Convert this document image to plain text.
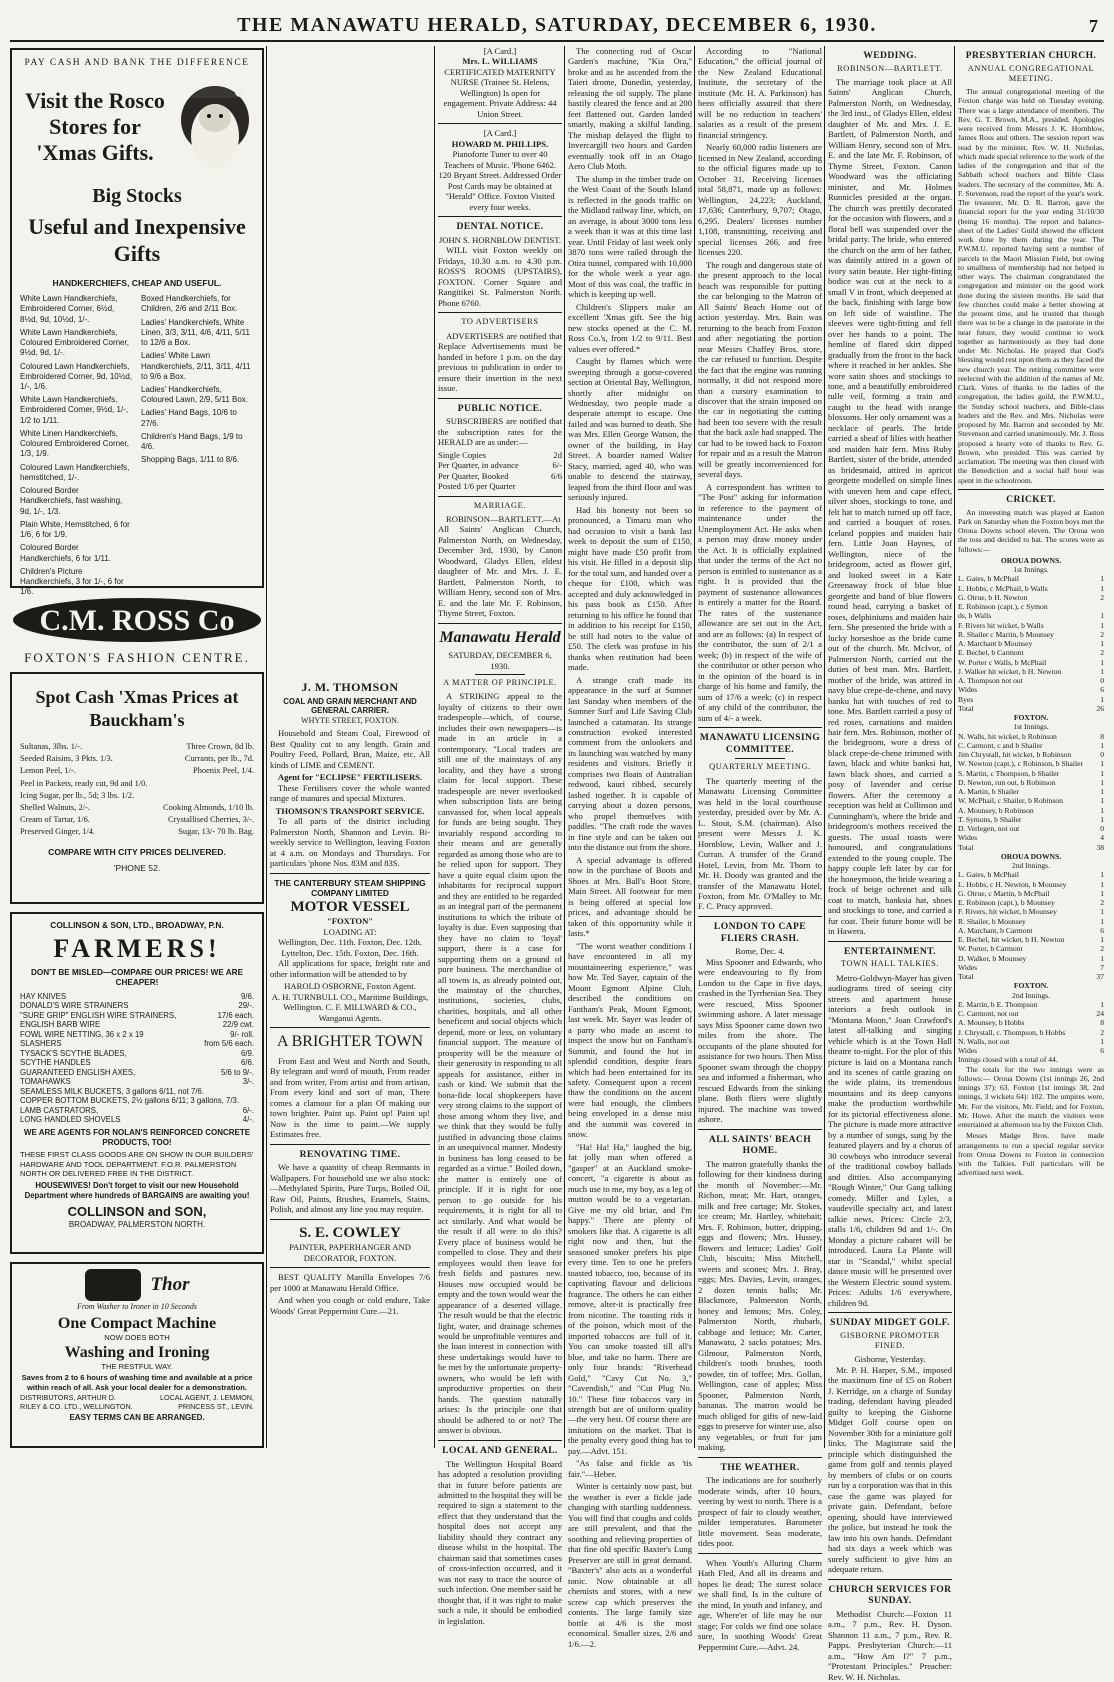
THE MANAWATU HERALD, SATURDAY, DECEMBER 6, 1930.	7
PAY CASH AND BANK THE DIFFERENCE
Visit the Rosco Stores for 'Xmas Gifts.
Big Stocks
Useful and Inexpensive Gifts
HANDKERCHIEFS, CHEAP AND USEFUL.
White Lawn Handkerchiefs, Embroidered Corner, 6½d, 8½d, 9d, 10½d, 1/-.
White Lawn Handkerchiefs, Coloured Embroidered Corner, 9½d, 9d, 1/-.
Coloured Lawn Handkerchiefs, Embroidered Corner, 9d, 10½d, 1/-, 1/6.
White Lawn Handkerchiefs, Embroidered Corner, 9½d, 1/-, 1/2 to 1/11.
White Linen Handkerchiefs, Coloured Embroidered Corner, 1/3, 1/9.
Coloured Lawn Handkerchiefs, hemstitched, 1/-.
Coloured Border Handkerchiefs, fast washing, 9d, 1/-, 1/3.
Plain White, Hemstitched, 6 for 1/6, 6 for 1/9.
Coloured Border Handkerchiefs, 6 for 1/11.
Children's Picture Handkerchiefs, 3 for 1/-, 6 for 1/6.
Boxed Handkerchiefs, for Children, 2/6 and 2/11 Box.
Ladies' Handkerchiefs, White Linen, 3/3, 3/11, 4/6, 4/11, 5/11 to 12/6 a Box.
Ladies' White Lawn Handkerchiefs, 2/11, 3/11, 4/11 to 9/6 a Box.
Ladies' Handkerchiefs, Coloured Lawn, 2/9, 5/11 Box.
Ladies' Hand Bags, 10/6 to 27/6.
Children's Hand Bags, 1/9 to 4/6.
Shopping Bags, 1/11 to 8/6.
C.M. ROSS Co
FOXTON'S FASHION CENTRE.
Spot Cash 'Xmas Prices at Bauckham's
Sultanas, 3lbs. 1/-.	Three Crown, 8d lb.
Seeded Raisins, 3 Pkts. 1/3.	Currants, per lb., 7d.
Lemon Peel, 1/-.	Phoenix Peel, 1/4.
Peel in Packets, ready cut, 9d and 1/0.
Icing Sugar, per lb., 5d; 3 lbs. 1/2.
Shelled Walnuts, 2/-.	Cooking Almonds, 1/10 lb.
Cream of Tartar, 1/6.	Crystallised Cherries, 3/-.
Preserved Ginger, 1/4.	Sugar, 13/- 70 lb. Bag.
COMPARE WITH CITY PRICES DELIVERED.
'PHONE 52.
COLLINSON & SON, LTD., BROADWAY, P.N.
FARMERS!
DON'T BE MISLED—COMPARE OUR PRICES! WE ARE CHEAPER!
HAY KNIVES	9/6.
DONALD'S WIRE STRAINERS	29/-.
"SURE GRIP" ENGLISH WIRE STRAINERS,	17/6 each.
ENGLISH BARB WIRE	22/9 cwt.
FOWL WIRE NETTING, 36 x 2 x 19	9/- roll.
SLASHERS	from 5/6 each.
TYSACK'S SCYTHE BLADES,	6/9.
SCYTHE HANDLES	6/6.
GUARANTEED ENGLISH AXES,	5/6 to 9/-.
TOMAHAWKS	3/-.
SEAMLESS MILK BUCKETS, 3 gallons 6/11, not 7/6.
COPPER BOTTOM BUCKETS, 2½ gallons 6/11; 3 gallons, 7/3.
LAMB CASTRATORS,	6/-.
LONG HANDLED SHOVELS	4/-.
WE ARE AGENTS FOR NOLAN'S REINFORCED CONCRETE PRODUCTS, TOO!
THESE FIRST CLASS GOODS ARE ON SHOW IN OUR BUILDERS' HARDWARE AND TOOL DEPARTMENT. F.O.R. PALMERSTON NORTH OR DELIVERED FREE IN THE DISTRICT.
HOUSEWIVES! Don't forget to visit our new Household Department where hundreds of BARGAINS are awaiting you!
COLLINSON and SON,
BROADWAY, PALMERSTON NORTH.
Thor
From Washer to Ironer in 10 Seconds
One Compact Machine
NOW DOES BOTH
Washing and Ironing
THE RESTFUL WAY.
Saves from 2 to 6 hours of washing time and available at a price within reach of all. Ask your local dealer for a demonstration.
DISTRIBUTORS, ARTHUR D. RILEY & CO. LTD., WELLINGTON.
LOCAL AGENT, J. LEMMON, PRINCESS ST., LEVIN.
EASY TERMS CAN BE ARRANGED.
J. M. THOMSON
COAL AND GRAIN MERCHANT AND GENERAL CARRIER.
WHYTE STREET, FOXTON.

Household and Steam Coal, Firewood of Best Quality cut to any length. Grain and Poultry Feed, Pollard, Bran, Maize, etc. All kinds of LIME and CEMENT.

Agent for "ECLIPSE" FERTILISERS.

These Fertilisers cover the whole wanted range of manures and special Mixtures.

THOMSON'S TRANSPORT SERVICE.

To all parts of the district including Palmerston North, Shannon and Levin. Bi-weekly service to Wellington, leaving Foxton at 4 a.m. on Mondays and Thursdays. For particulars 'phone Nos. 83M and 83S.

THE CANTERBURY STEAM SHIPPING COMPANY LIMITED
MOTOR VESSEL
"FOXTON"
LOADING AT:
Wellington, Dec. 11th. Foxton, Dec. 12th. Lyttelton, Dec. 15th. Foxton, Dec. 16th.

All applications for space, freight rate and other information will be attended to by

HAROLD OSBORNE, Foxton Agent.
A. H. TURNBULL CO., Maritime Buildings, Wellington. C. F. MILLWARD & CO., Wanganui Agents.
A BRIGHTER TOWN

From East and West and North and South, By telegram and word of mouth, From reader and from writer, From artist and from artisan, From every kind and sort of man, There comes a clamour for a plan Of making our town brighter. Paint up. Paint up! Paint up! Now is the time to paint.—We supply Estimates free.

RENOVATING TIME.

We have a quantity of cheap Remnants in Wallpapers. For household use we also stock:—Methylated Spirits, Pure Turps, Boiled Oil, Raw Oil, Paints, Brushes, Enamels, Stains, Polish, and almost any line you may require.

S. E. COWLEY
PAINTER, PAPERHANGER AND DECORATOR, FOXTON.

BEST QUALITY Manilla Envelopes 7/6 per 1000 at Manawatu Herald Office.

And when you cough or cold endure, Take Woods' Great Peppermint Cure.—21.

[A Card.]
Mrs. L. WILLIAMS
CERTIFICATED MATERNITY NURSE (Trainee St. Helens, Wellington) Is open for engagement. Private Address: 44 Union Street.
[A Card.]
HOWARD M. PHILLIPS.
Pianoforte Tuner to over 40 Teachers of Music. 'Phone 6462. 120 Bryant Street. Addressed Order Post Cards may be obtained at "Herald" Office. Foxton Visited every four weeks.
DENTAL NOTICE.
JOHN S. HORNBLOW DENTIST.

WILL visit Foxton weekly on Fridays, 10.30 a.m. to 4.30 p.m. ROSS'S ROOMS (UPSTAIRS), FOXTON. Corner Square and Rangitikei St. Palmerston North. Phone 6760.

TO ADVERTISERS

ADVERTISERS are notified that Replace Advertisements must be handed in before 1 p.m. on the day previous to publication in order to ensure their insertion in the next issue.

PUBLIC NOTICE.

SUBSCRIBERS are notified that the subscription rates for the HERALD are as under:—

Single Copies	2d
Per Quarter, in advance	6/-
Per Quarter, Booked	6/6
Posted 1/6 per Quarter
MARRIAGE.

ROBINSON—BARTLETT.—At All Saints' Anglican Church, Palmerston North, on Wednesday, December 3rd, 1930, by Canon Woodward, Gladys Ellen, eldest daughter of Mr. and Mrs. J. E. Bartlett, Palmerston North, to William Henry, second son of Mrs. E. and the late Mr. F. Robinson, Thyme Street, Foxton.

Manawatu Herald
SATURDAY, DECEMBER 6, 1930.
A MATTER OF PRINCIPLE.

A STRIKING appeal to the loyalty of citizens to their own tradespeople—which, of course, includes their own newspapers—is made in an article in a contemporary. "Local traders are still one of the mainstays of any locality, and they have a strong claim for local support. These tradespeople are never overlooked when subscription lists are being canvassed for, when local appeals for funds are being sought. They invariably respond according to their means and are generally regarded as among those who are to be relied upon for support. They have a quite equal claim upon the inhabitants for reciprocal support and they are entitled to be regarded as an integral part of the permanent institutions to which the tribute of loyalty is due. Even supposing that they have no claim to 'loyal' support, there is a case for supporting them on a ground of pure business. The merchandise of all towns is, as already pointed out, the mainstay of the churches, institutions, societies, clubs, charities, hospitals, and all other beneficent and social objects which depend, more or less, on voluntary financial support. The measure of prosperity will be the measure of their generosity in responding to all appeals for assistance, either in cash or kind. We submit that the bona-fide local shopkeepers have very strong claims to the support of those among whom they live, and we think that they would be fully justified in advancing those claims in an unequivocal manner. Modesty in business has long ceased to be regarded as a virtue." Boiled down, the matter is entirely one of principle. If it is right for one person to go outside for his requirements, it is right for all to act similarly. And what would be the result if all were to do this? Every place of business would be compelled to close. They and their employees would then leave for fresh fields and pastures new. Houses now occupied would be empty and the town would wear the appearance of a deserted village. The result would be that the electric light, water, and drainage schemes would be unprofitable ventures and the loan interest in connection with these undertakings would have to be met by the unfortunate property-owners, who would be left with unproductive properties on their hands. The question naturally arises: Is the principle one that should be adhered to or not? The answer is obvious.

LOCAL AND GENERAL.

The Wellington Hospital Board has adopted a resolution providing that in future before patients are admitted to the hospital they will be required to sign a statement to the effect that they understand that the hospital does not accept any liability should they contract any disease whilst in the hospital. The chairman said that sometimes cases of cross-infection occurred, and it was not easy to trace the source of such infection. One member said he thought that, if it was right to make such a rule, it should be embodied in legislation.

The connecting rod of Oscar Garden's machine, "Kia Ora," broke and as he ascended from the Taieri drome, Dunedin, yesterday, releasing the oil supply. The plane hastily cleared the fence and at 200 feet flattened out. Garden landed smartly, making a skilful landing. The mishap delayed the flight to Invercargill two hours and Garden eventually took off in an Otago Aero Club Moth.

The slump in the timber trade on the West Coast of the South Island is reflected in the goods traffic on the Midland railway line, which, on an average, is about 3000 tons less a week than it was at this time last year. Until Friday of last week only 3870 tons were railed through the Otira tunnel, compared with 10,000 for the whole week a year ago. Most of this was coal, the traffic in which is keeping up well.

Children's Slippers make an excellent 'Xmas gift. See the big new stocks opened at the C. M. Ross Co.'s, from 1/2 to 9/11. Best values ever offered.*

Caught by flames which were sweeping through a gorse-covered section at Oriental Bay, Wellington, shortly after midnight on Wednesday, two people made a desperate attempt to escape. One failed and was burned to death. She was Mrs. Ellen George Watson, the owner of the building, in Hay Street. A boarder named Walter Stacy, married, aged 40, who was unable to descend the stairway, leaped from the third floor and was seriously injured.

Had his honesty not been so pronounced, a Timaru man who had occasion to visit a bank last week to deposit the sum of £150, might have made £50 profit from his visit. He filled in a deposit slip for the total sum, and handed over a cheque for £100, which was accepted and duly acknowledged in his pass book as £150. After returning to his office he found that in addition to his receipt for £150, he still had notes to the value of £50. The clerk was profuse in his thanks when restitution had been made.

A strange craft made its appearance in the surf at Sumner last Sunday when members of the Sumner Surf and Life Saving Club launched a catamaran. Its strange construction evoked interested comment from the onlookers and its launching was watched by many residents and visitors. Briefly it comprises two floats of Australian redwood, kauri ribbed, securely lashed together. It is capable of carrying about a dozen persons, who propel themselves with paddles. "The craft rode the waves in fine style and can be taken out into the distance out from the shore.

A special advantage is offered now in the purchase of Boots and Shoes at Mrs. Ball's Boot Store, Main Street. All footwear for men is being offered at special low prices, and advantage should be taken of this opportunity while it lasts.*

"The worst weather conditions I have encountered in all my mountaineering experience," was how Mr. Ted Sayer, captain of the Mount Egmont Alpine Club, described the conditions on Fantham's Peak, Mount Egmont, last week. Mr. Sayer was leader of a party who made an ascent to inspect the snow hut on Fantham's Summit, and found the hut in splendid condition, despite fears which had been entertained for its safety. Consequent upon a recent thaw the conditions on the ascent were bad enough, the climbers being enveloped in a dense mist and the summit was covered in snow.

"Ha! Ha! Ha," laughed the big, fat jolly man when offered a "gasper" at an Auckland smoke-concert, "a cigarette is about as much use to me, my boy, as a leg of mutton would be to a vegetarian. Give me my old briar, and I'm happy." There are plenty of smokers like that. A cigarette is all right now and then, but the seasoned smoker prefers his pipe every time. Ten to one he prefers toasted tobacco, too, because of its captivating flavour and delicious fragrance. The others he can either remove, alter-it is practically free from nicotine. The toasting rids it of the poison, which most of the imported tobaccos are full of it. You can smoke toasted till all's blue, and take no harm. There are only four brands: "Riverhead Gold," "Cavy Cut No. 3," "Cavendish," and "Cut Plug No. 10." These fine tobaccos vary in strength but are of uniform quality—the very best. Of course there are imitations on the market. That is the penalty every good thing has to pay.—Advt. 151.

"As false and fickle as 'tis fair."—Heber.

Winter is certainly now past, but the weather is ever a fickle jade changing with startling suddenness. You will find that coughs and colds are still prevalent, and that the soothing and relieving properties of that fine old specific Baxter's Lung Preserver are still in great demand. "Baxter's" also acts as a wonderful tonic. Now obtainable at all chemists and stores, with a new screw cap which preserves the contents. The large family size bottle at 4/6 is the most economical. Smaller sizes, 2/6 and 1/6.—2.

According to "National Education," the official journal of the New Zealand Educational Institute, the secretary of the institute (Mr. H. A. Parkinson) has been officially assured that there will be no reduction in teachers' salaries as a result of the present financial stringency.

Nearly 60,000 radio listeners are licensed in New Zealand, according to the official figures made up to October 31. Receiving licenses total 58,871, made up as follows: Wellington, 24,223; Auckland, 17,636; Canterbury, 9,707; Otago, 6,295. Dealers' licenses number 1,108, transmitting, receiving and special licenses 266, and free licenses 220.

The rough and dangerous state of the present approach to the local beach was responsible for putting the car belonging to the Matron of All Saints' Beach Home out of action yesterday. Mrs. Bain was returning to the beach from Foxton and after negotiating the portion near Messrs Chaffey Bros. store, the car refused to function. Despite the fact that the engine was running normally, it did not respond more than a cursory examination to discover that the strain imposed on the car in negotiating the cutting had been too severe with the result that the back axle had snapped. The car had to be towed back to Foxton for repair and as a result the Matron will be greatly inconvenienced for several days.

A correspondent has written to "The Post" asking for information in reference to the payment of maintenance under the Unemployment Act. He asks when a person may draw money under the Act. It is officially explained that under the terms of the Act no person is entitled to sustenance as a right. It is provided that the payment of sustenance allowances is entirely a matter for the Board. The rates of the sustenance allowance are set out in the Act, and are as follows: (a) In respect of the contributor, the sum of 2/1 a week; (b) in respect of the wife of the contributor or other person who in the opinion of the board is in charge of his home and family, the sum of 17/6 a week; (c) in respect of any child of the contributor, the sum of 4/- a week.

MANAWATU LICENSING COMMITTEE.
QUARTERLY MEETING.

The quarterly meeting of the Manawatu Licensing Committee was held in the local courthouse yesterday, presided over by Mr. A. L. Stout, S.M. (chairman). Also present were Messrs J. K. Hornblow, Levin, Walker and J. Curran. A transfer of the Grand Hotel, Levin, from Mr. Thorn to Mr. H. Doody was granted and the transfer of the Manawatu Hotel, Foxton, from Mr. O'Malley to Mr. F. C. Pracy approved.

LONDON TO CAPE FLIERS CRASH.
Rome, Dec. 4.

Miss Spooner and Edwards, who were endeavouring to fly from London to the Cape in five days, crashed in the Tyrrhenian Sea. They were rescued, Miss Spooner swimming ashore. A later message says Miss Spooner came down two miles from the shore. The occupants of the plane shouted for assistance for two hours. Then Miss Spooner swam through the choppy sea and informed a fisherman, who rescued Edwards from the sinking plane. Both fliers were slightly injured. The machine was towed ashore.

ALL SAINTS' BEACH HOME.

The matron gratefully thanks the following for their kindness during the month of November:—Mr. Richon, meat; Mr. Hart, oranges, milk and free cartage; Mr. Stokes, ice cream; Mr. Hartley, whitebait; Mrs. F. Robinson, butter, dripping, eggs and flowers; Mrs. Hussey, flowers and lettuce; Ladies' Golf Club, biscuits; Miss Mitchell, sweets and scones; Mrs. J. Bray, eggs; Mrs. Davies, Levin, oranges, 2 dozen tennis balls; Mr. Blackmore, Palmerston North, honey and lemons; Mrs. Coley, Palmerston North, rhubarb, cabbage and lettuce; Mr. Carter, Manawatu, 2 sacks potatoes; Mrs. Gilmour, Palmerston North, children's tooth brushes, tooth powder, tin of toffee; Mrs. Gollan, Wellington, case of apples; Miss Spooner, Palmerston North, bananas. The matron would be much obliged for gifts of new-laid eggs to preserve for winter use, also any vegetables, or fruit for jam making.

THE WEATHER.

The indications are for southerly moderate winds, after 10 hours, veering by west to north. There is a prospect of fair to cloudy weather, milder temperatures. Barometer little movement. Seas moderate, tides poor.

When Youth's Alluring Charm Hath Fled, And all its dreams and hopes lie dead; The surest solace we shall find, Is in the culture of the mind, In youth and infancy, and age, Where'er of life may be our stage; For colds we find one solace sure, In soothing Woods' Great Peppermint Cure.—Advt. 24.

WEDDING.
ROBINSON—BARTLETT.

The marriage took place at All Saints' Anglican Church, Palmerston North, on Wednesday, the 3rd inst., of Gladys Ellen, eldest daughter of Mr. and Mrs. J. E. Bartlett, of Palmerston North, and William Henry, second son of Mrs. E. and the late Mr. F. Robinson, of Thyme Street, Foxton. Canon Woodward was the officiating minister, and Mr. Holmes Runnicles presided at the organ. The church was prettily decorated for the occasion with flowers, and a floral bell was suspended over the bridal party. The bride, who entered the church on the arm of her father, was daintily attired in a gown of ivory satin beaute. Her tight-fitting bodice was cut at the neck to a small V in front, which deepened at the back, finishing with large bow on left side of waistline. The sleeves were tight-fitting and fell over her hands to a point. The hemline of flared skirt dipped gradually from the front to the back where it reached in her ankles. She wore satin shoes and stockings to tone, and a beautifully embroidered tulle veil, forming a train and caught to the head with orange blossoms. Her only ornament was a necklace of pearls. The bride carried a sheaf of lilies with heather and maiden hair fern. Miss Ruby Bartlett, sister of the bride, attended as bridesmaid, attired in apricot georgette modelled on simple lines with uneven hem and cape effect, silver shoes, stockings to tone, and felt hat to match turned up off face, and carried a bouquet of roses. Iceland poppies and maiden hair fern. Little Joan Haynes, of Wellington, niece of the bridegroom, acted as flower girl, and looked sweet in a Kate Greenaway frock of blue blue georgette and band of blue flowers round head, carrying a basket of roses, delphiniums and maiden hair fern. She presented the bride with a lucky horseshoe as the bride came out of the church. Mr. McIvor, of Palmerston North, carried out the duties of best man. Mrs. Bartlett, mother of the bride, was attired in navy blue crepe-de-chene, and navy banku hat with touches of red to tone. Mrs. Bartlett carried a posy of red roses, carnations and maiden hair fern. Mrs. Robinson, mother of the bridegroom, wore a dress of black crepe-de-chene trimmed with fawn, black and white banksi hat, fawn black shoes, and carried a posy of lavender and cerise flowers. After the ceremony a reception was held at Collinson and Cunningham's, where the bride and bridegroom's mothers received the guests. The usual toasts were honoured, and congratulations extended to the young couple. The happy couple left later by car for the honeymoon, the bride wearing a frock of beige ochrenet and silk coat to match, banksia hat, shoes and stockings to tone, and carried a fur coat. Their future home will be in Hawera.

ENTERTAINMENT.
TOWN HALL TALKIES.

Metro-Goldwyn-Mayer has given audiograms tired of seeing city streets and apartment house interiors a fresh outlook in "Montana Moon," Joan Crawford's latest all-talking and singing vehicle which is at the Town Hall theatre to-night. For the plot of this picture is laid on a Montana ranch and its scenes of cattle grazing on the wide plains, its tremendous mountains and its deep canyons make the production worthwhile for its pictorial effectiveness alone. The picture is made more attractive by a number of songs, sung by the featured players and by a chorus of 30 cowboys who introduce several of the traditional cowboy ballads and ditties. Also accompanying "Rough Winter," Our Gang talking comedy. Miller and Lyles, a vaudeville specialty act, and latest talkie news. Prices: Circle 2/3, stalls 1/6, children 9d and 1/-. On Monday a picture cabaret will be introduced. Laura La Plante will star in "Scandal," whilst special dance music will be presented over the Western Electric sound system. Prices: Adults 1/6 everywhere, children 9d.

SUNDAY MIDGET GOLF.
GISBORNE PROMOTER FINED.
Gisborne, Yesterday.

Mr. P. H. Harper, S.M., imposed the maximum fine of £5 on Robert J. Kerridge, on a charge of Sunday trading, defendant having pleaded guilty to keeping the Gisborne Midget Golf course open on November 30th for a miniature golf links. The Magistrate said the principle which distinguished the game from golf and tennis played by members of clubs or on courts run by a corporation was that in this case the game was played for private gain. Defendant, before opening, should have interviewed the police, but instead he took the law into his own hands. Defendant had six days a week which was surely sufficient to give him an adequate return.

CHURCH SERVICES FOR SUNDAY.

Methodist Church:—Foxton 11 a.m., 7 p.m., Rev. H. Dyson. Shannon 11 a.m., 7 p.m., Rev. R. Papps. Presbyterian Church:—11 a.m., "How Am I?" 7 p.m., "Protestant Principles." Preacher: Rev. W. H. Nicholas.

PRESBYTERIAN CHURCH.
ANNUAL CONGREGATIONAL MEETING.

The annual congregational meeting of the Foxton charge was held on Tuesday evening. There was a large attendance of members. The Rev. G. T. Brown, M.A., presided. Apologies were received from Messrs J. K. Hornblow, James Ross and others. The session report was read by the minister, Rev. W. H. Nicholas, which made special reference to the work of the ladies of the congregation and that of the Sabbath school teachers and Bible Class leaders. The secretary of the committee, Mr. A. F. Stevenson, read the report of the year's work. The treasurer, Mr. D. R. Barron, gave the financial report for the year ending 31/10/30 (being 16 months). The report and balance-sheet of the Ladies' Guild showed the efficient work done by them during the year. The P.W.M.U. reported having sent a number of parcels to the Maori Mission Field, but owing to smallness of membership had not helped in other ways. The chairman congratulated the congregation and minister on the good work done during the sixteen months. He said that few churches could make a better showing at the present time, and he trusted that though there was to be a change in the pastorate in the near future, they would continue to work together as harmoniously as they had done under Mr. Nicholas. He prayed that God's blessing would rest upon them as they faced the new church year. The retiring committee were reelected with the addition of the names of Mr. Clark. Votes of thanks to the ladies of the congregation, the ladies guild, the P.W.M.U., the Sunday school teachers, and Bible-class leaders and the Rev. and Mrs. Nicholas were proposed by Mr. Barron and seconded by Mr. Stevenson and carried unanimously. Mr. J. Ross proposed a hearty vote of thanks to Rev. G. Brown, who presided. This was carried by acclamation. The meeting was then closed with the Benediction and a social half hour was spent in the schoolroom.

CRICKET.

An interesting match was played at Easton Park on Saturday when the Foxton boys met the Oroua Downs school eleven. The Oroua won the toss and decided to bat. The scores were as follows:—

OROUA DOWNS.
1st Innings.
L. Gates, b McPhail	1
L. Hobbs, c McPhail, b Walls	1
G. Otrue, b H. Newton	2
E. Robinson (capt.), c Symon
ds, b Walls	1
F. Rivers hit wicket, b Walls	1
R. Shailer c Martin, b Mounsey	2
A. Marchant b Mounsey	1
E. Bechel, b Carmont	2
W. Porter c Walls, b McPhail	1
J. Walker hit wicket, b H. Newton	1
A. Thompson not out	0
Wides	6
Byes	1
Total	26
FOXTON.
1st Innings.
N. Walls, hit wicket, b Robinson	8
C. Carmont, c and b Shailer	1
Jim Chrystall, hit wicket, b Robinson	0
W. Newton (capt.), c Robinson, b Shailer 1
S. Martin, c Thompson, b Shailer	1
D. Newton, run out, b Robinson	1
A. Martin, b Shailer	1
W. McPhail, c Shailer, b Robinson	1
A. Mounsey, b Robinson	1
T. Symons, b Shailer	1
D. Verlegen, not out	0
Wides	4
Total	38
OROUA DOWNS.
2nd Innings.
L. Gates, b McPhail	1
L. Hobbs, c H. Newton, b Mounsey	1
G. Otrue, c Martin, b McPhail	1
E. Robinson (capt.), b Mounsey	2
F. Rivers, hit wicket, b Mounsey	1
R. Shailer, b Mounsey	1
A. Marchant, b Carmont	6
E. Bechel, hit wicket, b H. Newton	1
W. Porter, b Carmont	2
D. Walker, b Mounsey	1
Wides	7
Total	37
FOXTON.
2nd Innings.
E. Martin, b E. Thompson	1
C. Carmont, not out	24
A. Mounsey, b Hobbs	8
J. Chrystall, c. Thompson, b Hobbs	2
N. Walls, not out	1
Wides	6
Innings closed with a total of 44.

The totals for the two innings were as follows:— Oroua Downs (1st innings 26, 2nd innings 37): 63. Foxton (1st innings 38, 2nd innings, 3 wickets 64): 102. The umpires were, Mr. For the visitors, Mr. Field; and for Foxton, Mr. Howe. After the match the visitors were entertained at afternoon tea by the Foxton Club.

Messrs Madge Bros. have made arrangements to run a special regular service from Oroua Downs to Foxton in connection with the Talkies. Full particulars will be advertised next week.
